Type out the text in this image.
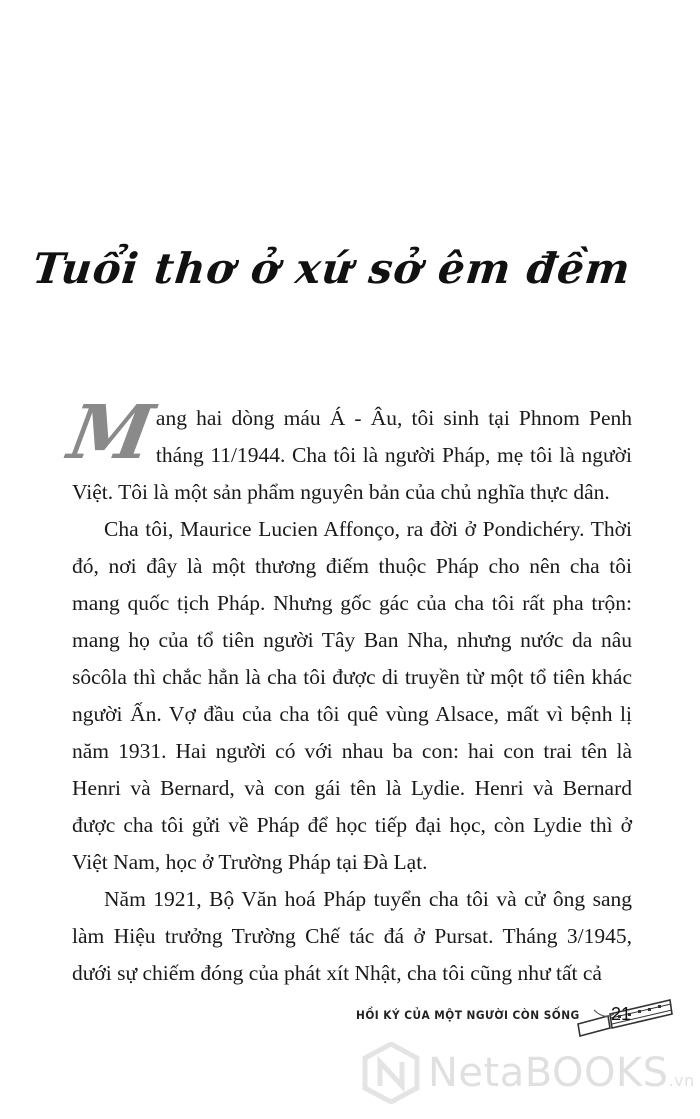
Tuổi thơ ở xứ sở êm đềm

M
ang hai dòng máu Á - Âu, tôi sinh tại Phnom Penh tháng 11/1944. Cha tôi là người Pháp, mẹ tôi là người Việt. Tôi là một sản phẩm nguyên bản của chủ nghĩa thực dân.

Cha tôi, Maurice Lucien Affonço, ra đời ở Pondichéry. Thời đó, nơi đây là một thương điếm thuộc Pháp cho nên cha tôi mang quốc tịch Pháp. Nhưng gốc gác của cha tôi rất pha trộn: mang họ của tổ tiên người Tây Ban Nha, nhưng nước da nâu sôcôla thì chắc hẳn là cha tôi được di truyền từ một tổ tiên khác người Ấn. Vợ đầu của cha tôi quê vùng Alsace, mất vì bệnh lị năm 1931. Hai người có với nhau ba con: hai con trai tên là Henri và Bernard, và con gái tên là Lydie. Henri và Bernard được cha tôi gửi về Pháp để học tiếp đại học, còn Lydie thì ở Việt Nam, học ở Trường Pháp tại Đà Lạt.

Năm 1921, Bộ Văn hoá Pháp tuyển cha tôi và cử ông sang làm Hiệu trưởng Trường Chế tác đá ở Pursat. Tháng 3/1945, dưới sự chiếm đóng của phát xít Nhật, cha tôi cũng như tất cả

HỒI KÝ CỦA MỘT NGƯỜI CÒN SỐNG 21
NetaBOOKS.vn
